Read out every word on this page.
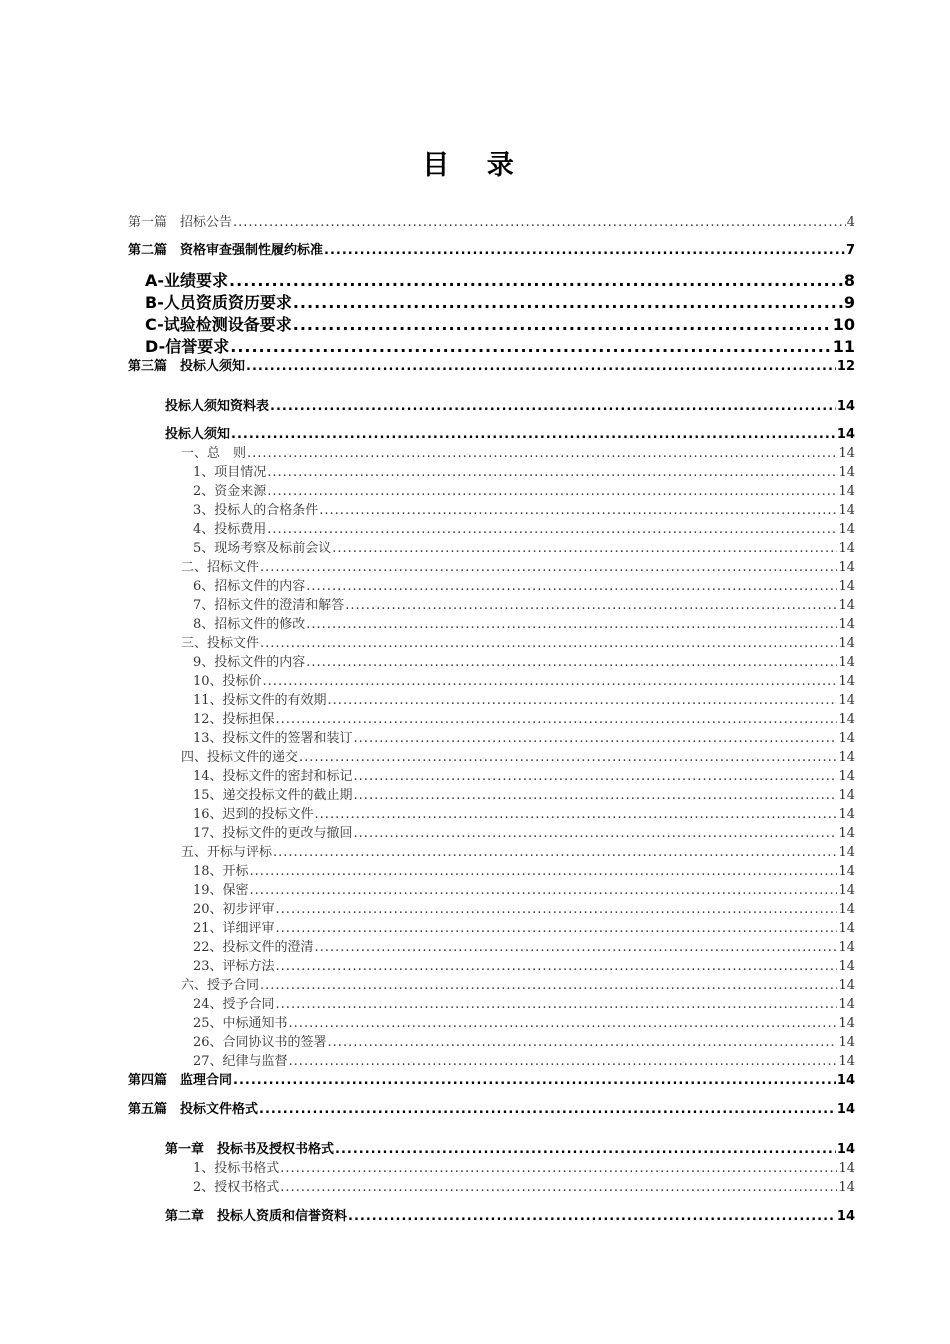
目 录
第一篇　招标公告 .....	4
第二篇　资格审查强制性履约标准 .....	7
A-业绩要求 .....	8
B-人员资质资历要求 .....	9
C-试验检测设备要求 .....	10
D-信誉要求 .....	11
第三篇　投标人须知 .....	12
投标人须知资料表 .....	14
投标人须知 .....	14
一、总　则 .....	14
1、项目情况 .....	14
2、资金来源 .....	14
3、投标人的合格条件 .....	14
4、投标费用 .....	14
5、现场考察及标前会议 .....	14
二、招标文件 .....	14
6、招标文件的内容 .....	14
7、招标文件的澄清和解答 .....	14
8、招标文件的修改 .....	14
三、投标文件 .....	14
9、投标文件的内容 .....	14
10、投标价 .....	14
11、投标文件的有效期 .....	14
12、投标担保 .....	14
13、投标文件的签署和装订 .....	14
四、投标文件的递交 .....	14
14、投标文件的密封和标记 .....	14
15、递交投标文件的截止期 .....	14
16、迟到的投标文件 .....	14
17、投标文件的更改与撤回 .....	14
五、开标与评标 .....	14
18、开标 .....	14
19、保密 .....	14
20、初步评审 .....	14
21、详细评审 .....	14
22、投标文件的澄清 .....	14
23、评标方法 .....	14
六、授予合同 .....	14
24、授予合同 .....	14
25、中标通知书 .....	14
26、合同协议书的签署 .....	14
27、纪律与监督 .....	14
第四篇　监理合同 .....	14
第五篇　投标文件格式 .....	14
第一章　投标书及授权书格式 .....	14
1、投标书格式 .....	14
2、授权书格式 .....	14
第二章　投标人资质和信誉资料 .....	14
